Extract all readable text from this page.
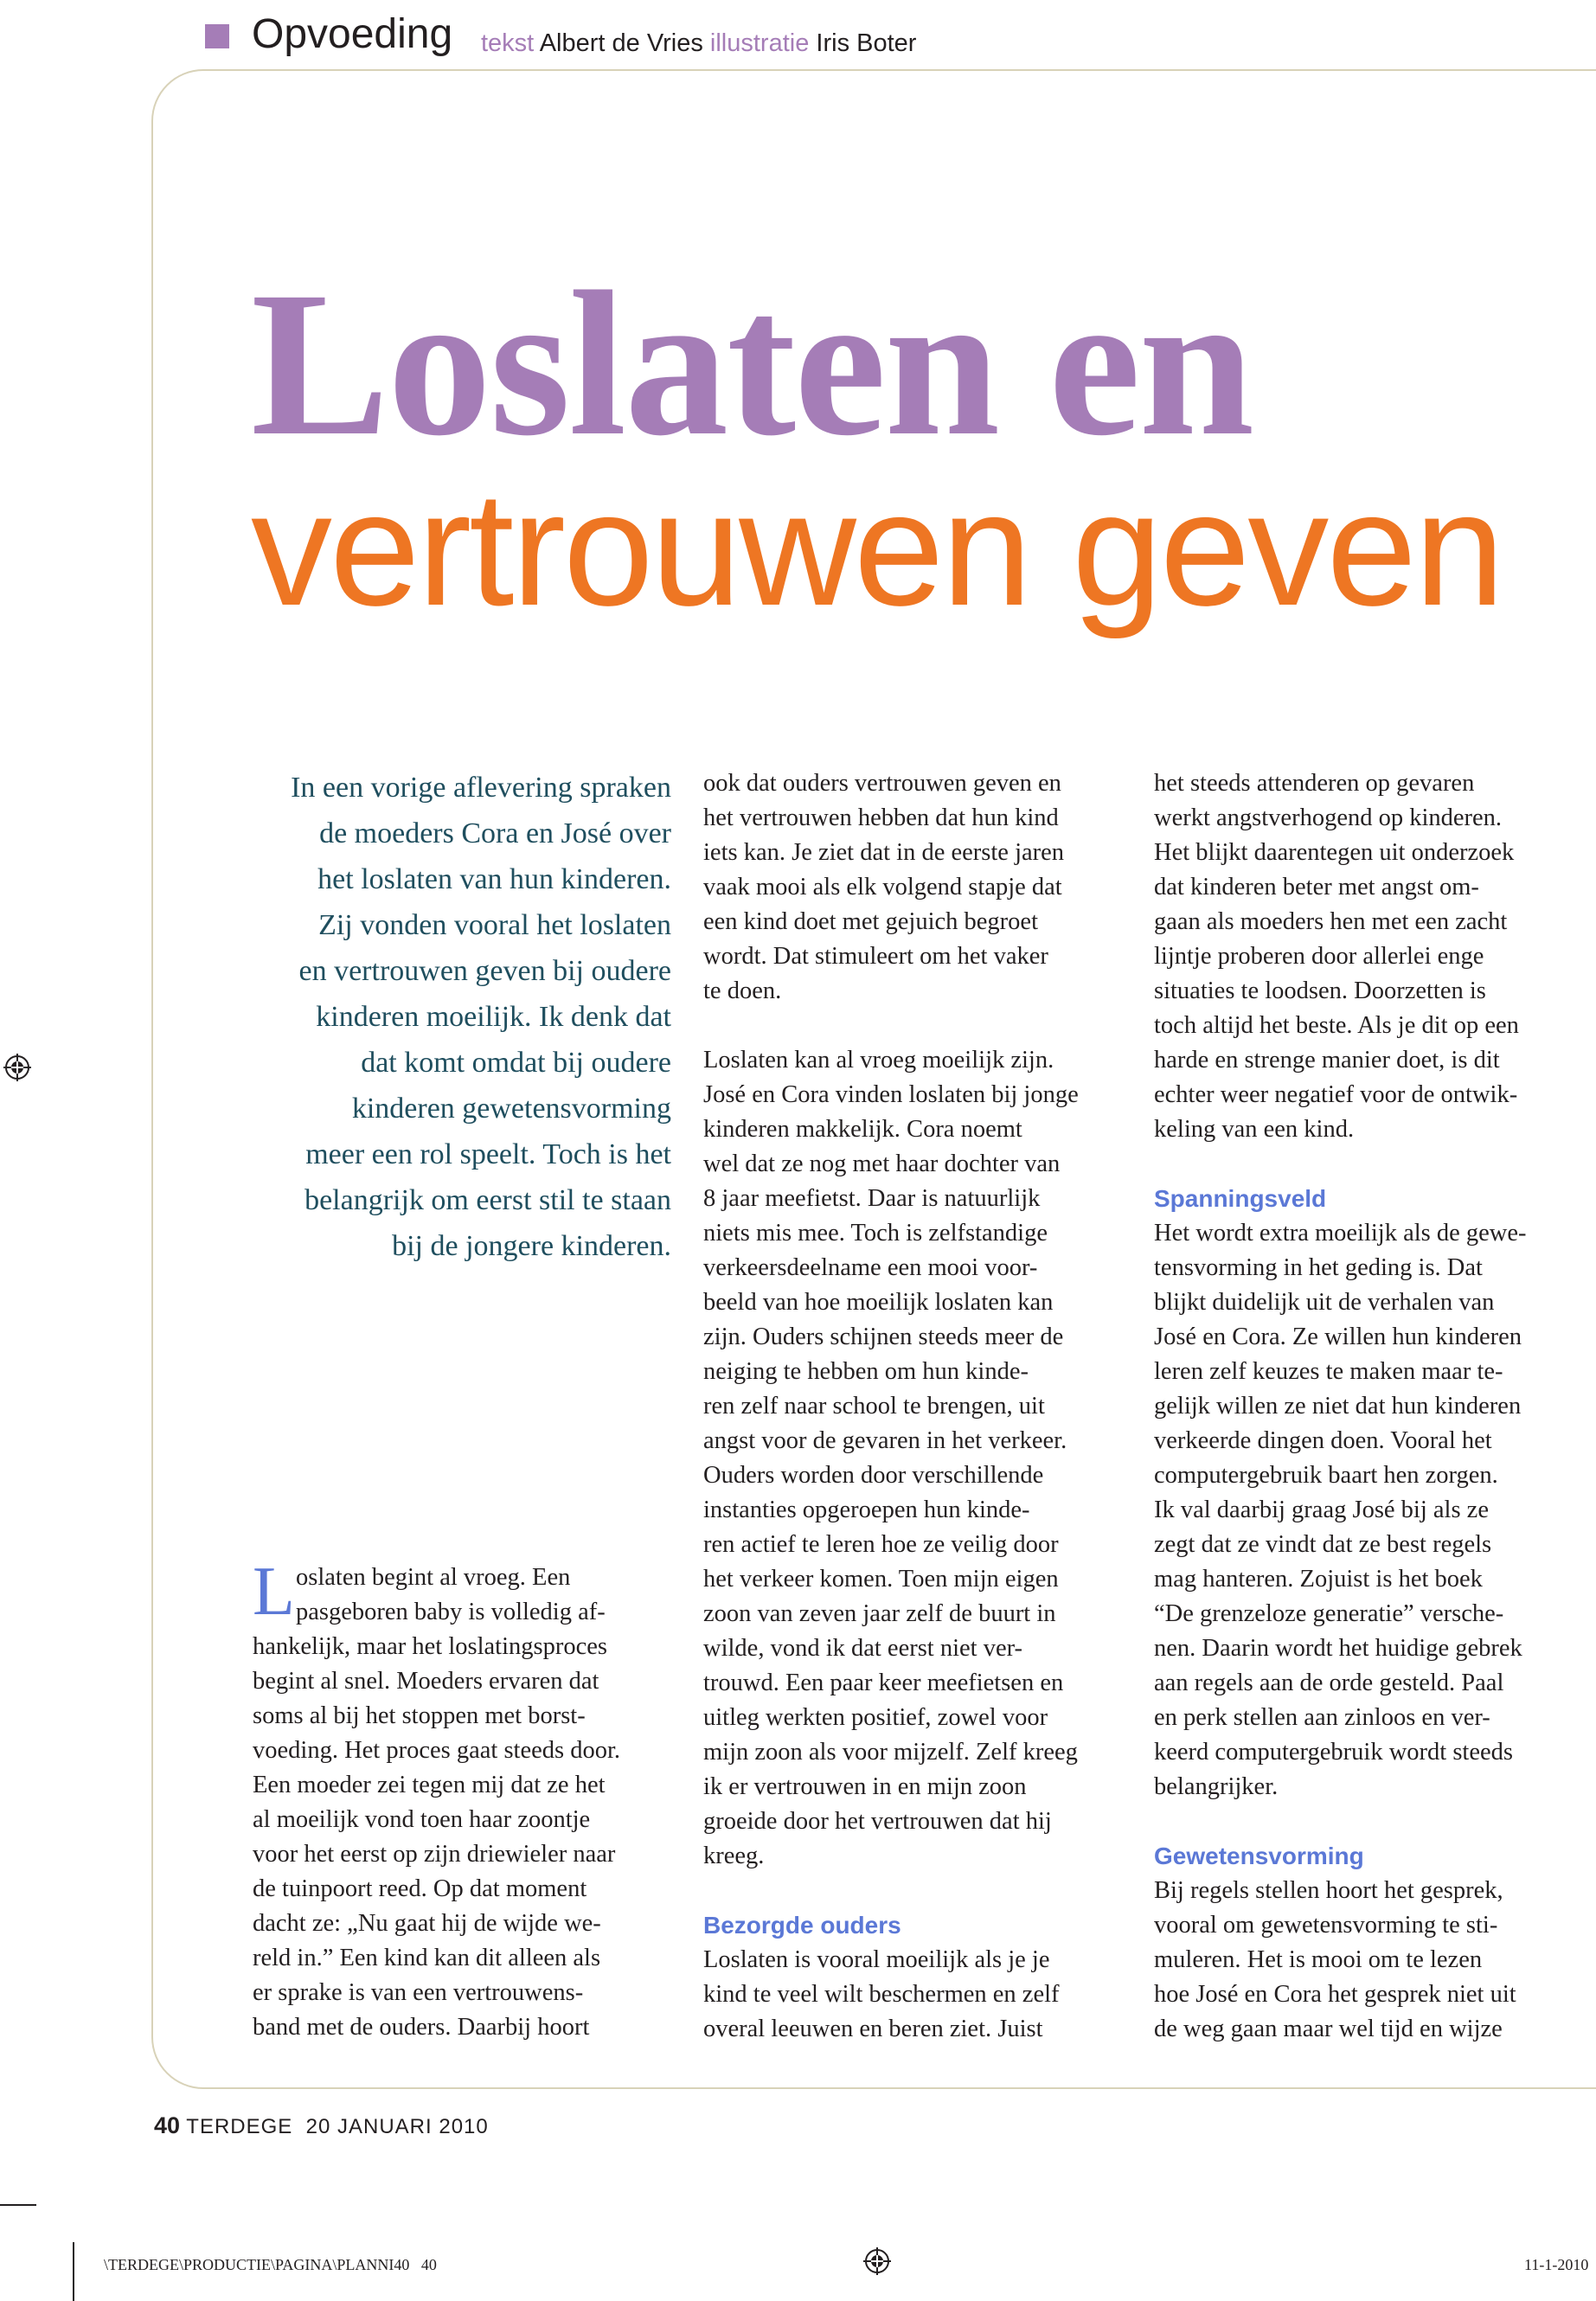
Opvoeding tekst Albert de Vries illustratie Iris Boter
Loslaten en
vertrouwen geven
In een vorige aflevering spraken
de moeders Cora en José over
het loslaten van hun kinderen.
Zij vonden vooral het loslaten
en vertrouwen geven bij oudere
kinderen moeilijk. Ik denk dat
dat komt omdat bij oudere
kinderen gewetensvorming
meer een rol speelt. Toch is het
belangrijk om eerst stil te staan
bij de jongere kinderen.
L oslaten begint al vroeg. Een
pasgeboren baby is volledig af-
hankelijk, maar het loslatingsproces
begint al snel. Moeders ervaren dat
soms al bij het stoppen met borst-
voeding. Het proces gaat steeds door.
Een moeder zei tegen mij dat ze het
al moeilijk vond toen haar zoontje
voor het eerst op zijn driewieler naar
de tuinpoort reed. Op dat moment
dacht ze: „Nu gaat hij de wijde we-
reld in.” Een kind kan dit alleen als
er sprake is van een vertrouwens-
band met de ouders. Daarbij hoort
ook dat ouders vertrouwen geven en
het vertrouwen hebben dat hun kind
iets kan. Je ziet dat in de eerste jaren
vaak mooi als elk volgend stapje dat
een kind doet met gejuich begroet
wordt. Dat stimuleert om het vaker
te doen.
Loslaten kan al vroeg moeilijk zijn.
José en Cora vinden loslaten bij jonge
kinderen makkelijk. Cora noemt
wel dat ze nog met haar dochter van
8 jaar meefietst. Daar is natuurlijk
niets mis mee. Toch is zelfstandige
verkeersdeelname een mooi voor-
beeld van hoe moeilijk loslaten kan
zijn. Ouders schijnen steeds meer de
neiging te hebben om hun kinde-
ren zelf naar school te brengen, uit
angst voor de gevaren in het verkeer.
Ouders worden door verschillende
instanties opgeroepen hun kinde-
ren actief te leren hoe ze veilig door
het verkeer komen. Toen mijn eigen
zoon van zeven jaar zelf de buurt in
wilde, vond ik dat eerst niet ver-
trouwd. Een paar keer meefietsen en
uitleg werkten positief, zowel voor
mijn zoon als voor mijzelf. Zelf kreeg
ik er vertrouwen in en mijn zoon
groeide door het vertrouwen dat hij
kreeg.
Bezorgde ouders
Loslaten is vooral moeilijk als je je
kind te veel wilt beschermen en zelf
overal leeuwen en beren ziet. Juist
het steeds attenderen op gevaren
werkt angstverhogend op kinderen.
Het blijkt daarentegen uit onderzoek
dat kinderen beter met angst om-
gaan als moeders hen met een zacht
lijntje proberen door allerlei enge
situaties te loodsen. Doorzetten is
toch altijd het beste. Als je dit op een
harde en strenge manier doet, is dit
echter weer negatief voor de ontwik-
keling van een kind.
Spanningsveld
Het wordt extra moeilijk als de gewe-
tensvorming in het geding is. Dat
blijkt duidelijk uit de verhalen van
José en Cora. Ze willen hun kinderen
leren zelf keuzes te maken maar te-
gelijk willen ze niet dat hun kinderen
verkeerde dingen doen. Vooral het
computergebruik baart hen zorgen.
Ik val daarbij graag José bij als ze
zegt dat ze vindt dat ze best regels
mag hanteren. Zojuist is het boek
“De grenzeloze generatie” versche-
nen. Daarin wordt het huidige gebrek
aan regels aan de orde gesteld. Paal
en perk stellen aan zinloos en ver-
keerd computergebruik wordt steeds
belangrijker.
Gewetensvorming
Bij regels stellen hoort het gesprek,
vooral om gewetensvorming te sti-
muleren. Het is mooi om te lezen
hoe José en Cora het gesprek niet uit
de weg gaan maar wel tijd en wijze
40 TERDEGE 20 JANUARI 2010
\TERDEGE\PRODUCTIE\PAGINA\PLANNI40 40	11-1-2010
